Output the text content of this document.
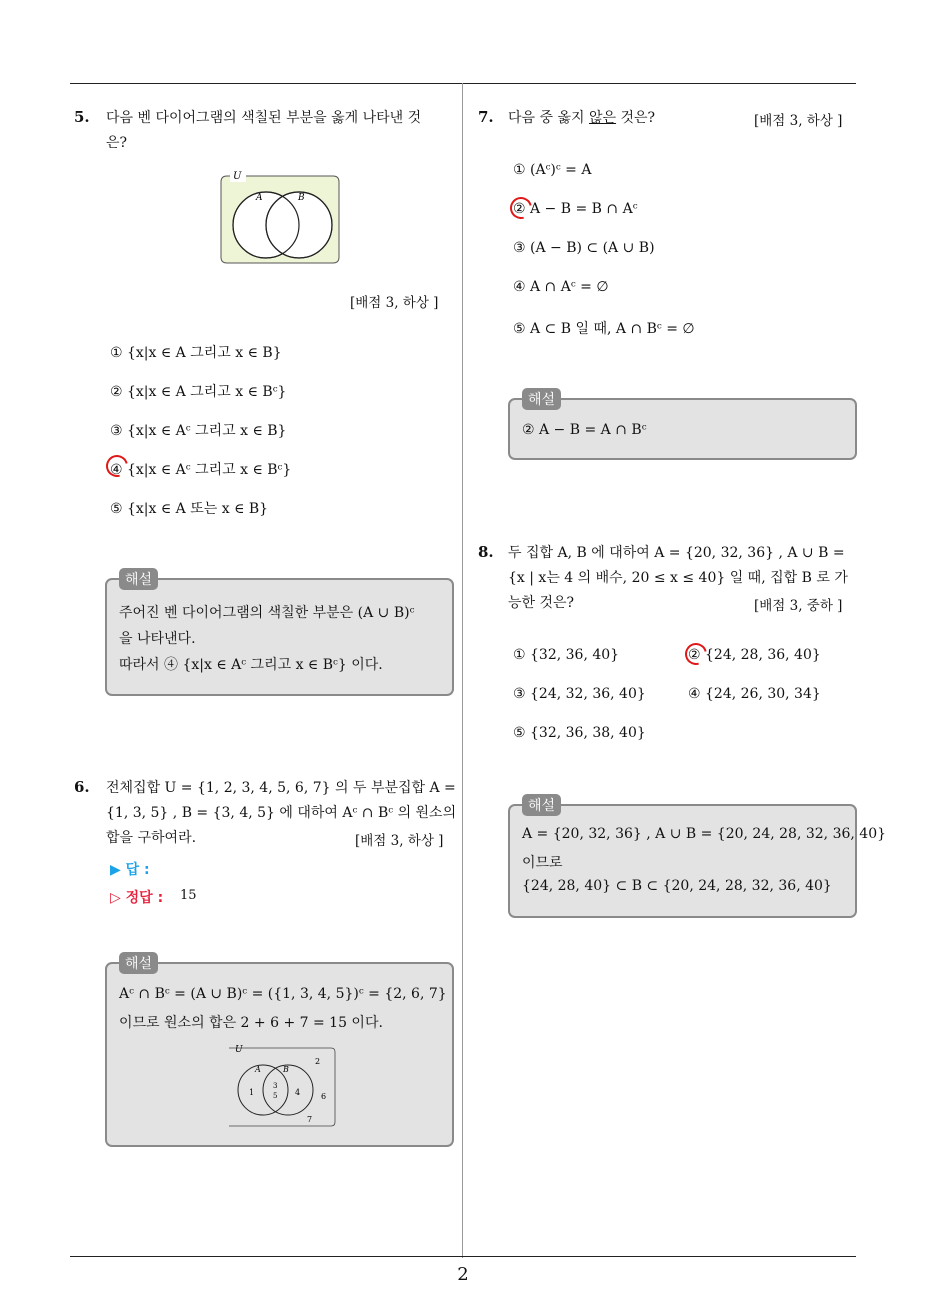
5. 다음 벤 다이어그램의 색칠된 부분을 옳게 나타낸 것
은?
U
A	B
[배점 3, 하상 ]
① {x|x ∈ A 그리고 x ∈ B}
② {x|x ∈ A 그리고 x ∈ Bᶜ}
③ {x|x ∈ Aᶜ 그리고 x ∈ B}
④ {x|x ∈ Aᶜ 그리고 x ∈ Bᶜ}
⑤ {x|x ∈ A 또는 x ∈ B}
해설
주어진 벤 다이어그램의 색칠한 부분은 (A ∪ B)ᶜ
을 나타낸다.
따라서 ④ {x|x ∈ Aᶜ 그리고 x ∈ Bᶜ} 이다.
6. 전체집합 U = {1, 2, 3, 4, 5, 6, 7} 의 두 부분집합 A =
{1, 3, 5} , B = {3, 4, 5} 에 대하여 Aᶜ ∩ Bᶜ 의 원소의
합을 구하여라.	[배점 3, 하상 ]
▶ 답 :
▷ 정답 : 15
해설
Aᶜ ∩ Bᶜ = (A ∪ B)ᶜ = ({1, 3, 4, 5})ᶜ = {2, 6, 7}
이므로 원소의 합은 2 + 6 + 7 = 15 이다.
U
A	B
1
3
5 4
2
6
7
7. 다음 중 옳지 않은 것은?	[배점 3, 하상 ]
① (Aᶜ)ᶜ = A
② A − B = B ∩ Aᶜ
③ (A − B) ⊂ (A ∪ B)
④ A ∩ Aᶜ = ∅
⑤ A ⊂ B 일 때, A ∩ Bᶜ = ∅
해설
② A − B = A ∩ Bᶜ
8. 두 집합 A, B 에 대하여 A = {20, 32, 36} , A ∪ B =
{x | x는 4 의 배수, 20 ≤ x ≤ 40} 일 때, 집합 B 로 가
능한 것은?	[배점 3, 중하 ]
① {32, 36, 40}	② {24, 28, 36, 40}
③ {24, 32, 36, 40}	④ {24, 26, 30, 34}
⑤ {32, 36, 38, 40}
해설
A = {20, 32, 36} , A ∪ B = {20, 24, 28, 32, 36, 40}
이므로
{24, 28, 40} ⊂ B ⊂ {20, 24, 28, 32, 36, 40}
2
